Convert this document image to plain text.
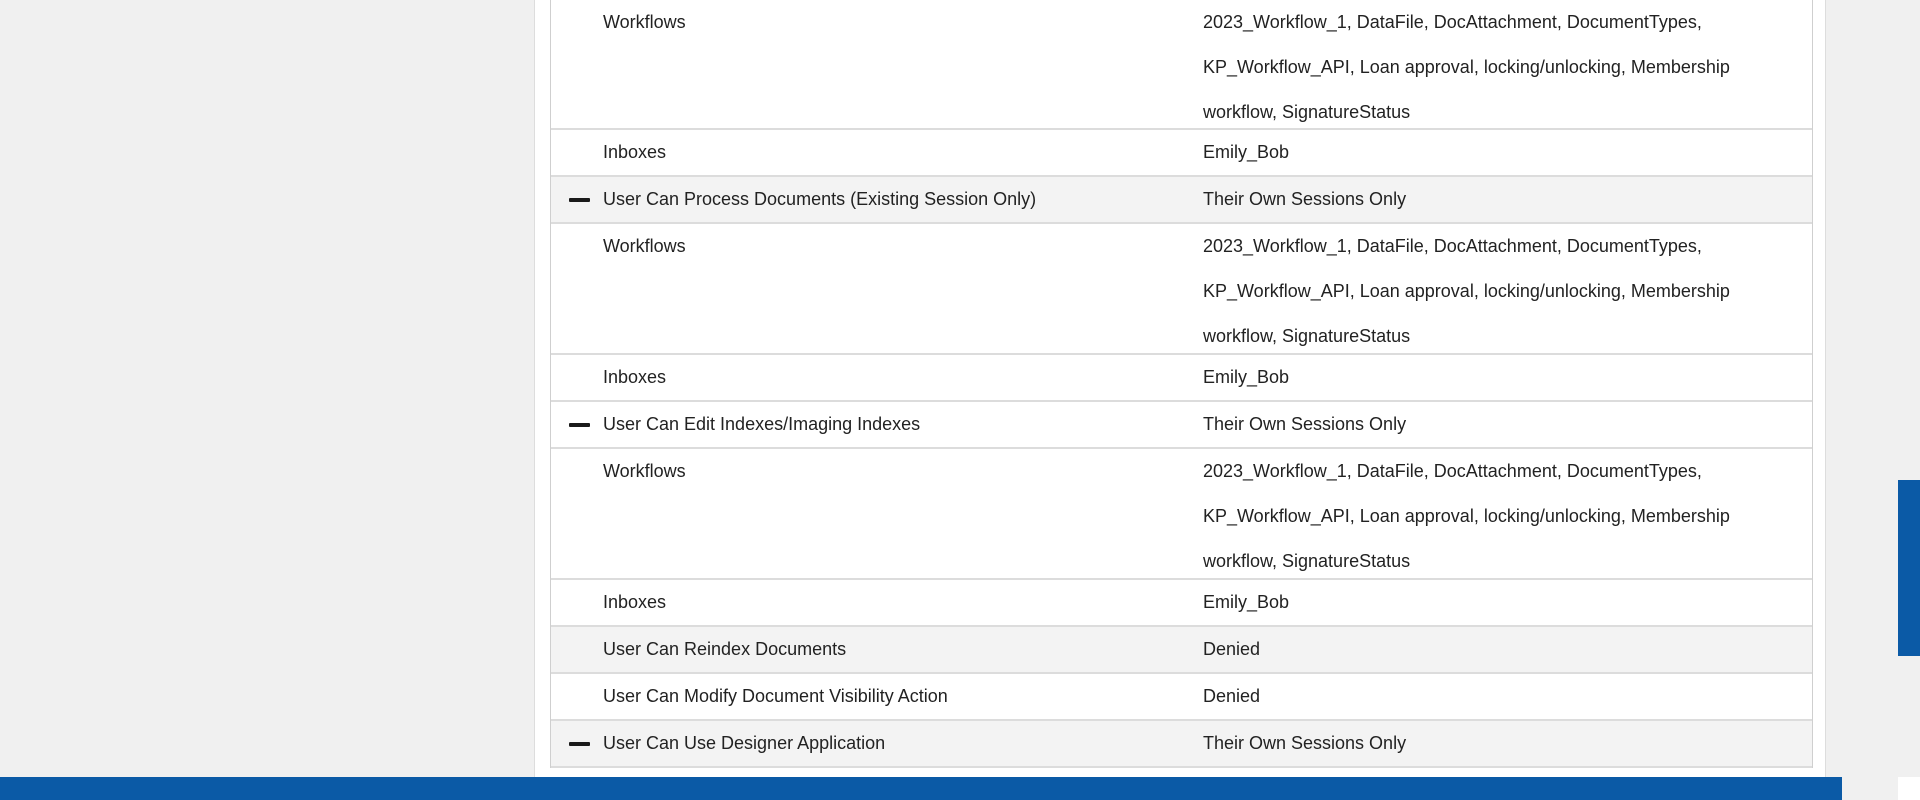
Workflows	2023_Workflow_1, DataFile, DocAttachment, DocumentTypes, KP_Workflow_API, Loan approval, locking/unlocking, Membership workflow, SignatureStatus
Inboxes	Emily_Bob
User Can Process Documents (Existing Session Only)	Their Own Sessions Only
Workflows	2023_Workflow_1, DataFile, DocAttachment, DocumentTypes, KP_Workflow_API, Loan approval, locking/unlocking, Membership workflow, SignatureStatus
Inboxes	Emily_Bob
User Can Edit Indexes/Imaging Indexes	Their Own Sessions Only
Workflows	2023_Workflow_1, DataFile, DocAttachment, DocumentTypes, KP_Workflow_API, Loan approval, locking/unlocking, Membership workflow, SignatureStatus
Inboxes	Emily_Bob
User Can Reindex Documents	Denied
User Can Modify Document Visibility Action	Denied
User Can Use Designer Application	Their Own Sessions Only
